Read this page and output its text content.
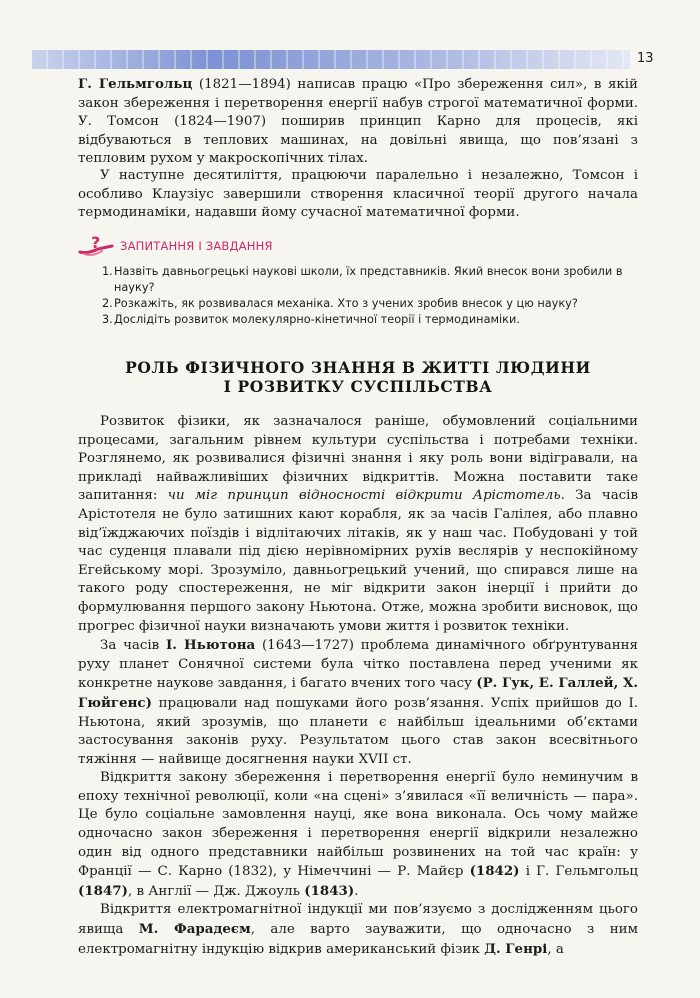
13

Г. Гельмгольц (1821—1894) написав працю «Про збереження сил», в якій закон збереження і перетворення енергії набув строгої математичної форми. У. Томсон (1824—1907) поширив принцип Карно для процесів, які відбуваються в теплових машинах, на довільні явища, що пов’язані з тепловим рухом у макроскопічних тілах.

У наступне десятиліття, працюючи паралельно і незалежно, Томсон і особливо Клаузіус завершили створення класичної теорії другого начала термодинаміки, надавши йому сучасної математичної форми.

? ЗАПИТАННЯ І ЗАВДАННЯ
1. Назвіть давньогрецькі наукові школи, їх представників. Який внесок вони зробили в науку?
2. Розкажіть, як розвивалася механіка. Хто з учених зробив внесок у цю науку?
3. Дослідіть розвиток молекулярно-кінетичної теорії і термодинаміки.
РОЛЬ ФІЗИЧНОГО ЗНАННЯ В ЖИТТІ ЛЮДИНИ
І РОЗВИТКУ СУСПІЛЬСТВА

Розвиток фізики, як зазначалося раніше, обумовлений соціальними процесами, загальним рівнем культури суспільства і потребами техніки. Розглянемо, як розвивалися фізичні знання і яку роль вони відігравали, на прикладі найважливіших фізичних відкриттів. Можна поставити таке запитання: чи міг принцип відносності відкрити Арістотель. За часів Арістотеля не було затишних кают корабля, як за часів Галілея, або плавно від’їжджаючих поїздів і відлітаючих літаків, як у наш час. Побудовані у той час суденця плавали під дією нерівномірних рухів веслярів у неспокійному Егейському морі. Зрозуміло, давньогрецький учений, що спирався лише на такого роду спостереження, не міг відкрити закон інерції і прийти до формулювання першого закону Ньютона. Отже, можна зробити висновок, що прогрес фізичної науки визначають умови життя і розвиток техніки.

За часів І. Ньютона (1643—1727) проблема динамічного обґрунтування руху планет Сонячної системи була чітко поставлена перед ученими як конкретне наукове завдання, і багато вчених того часу (Р. Гук, Е. Галлей, Х. Гюйгенс) працювали над пошуками його розв’язання. Успіх прийшов до І. Ньютона, який зрозумів, що планети є найбільш ідеальними об’єктами застосування законів руху. Результатом цього став закон всесвітнього тяжіння — найвище досягнення науки XVII ст.

Відкриття закону збереження і перетворення енергії було неминучим в епоху технічної революції, коли «на сцені» з’явилася «її величність — пара». Це було соціальне замовлення науці, яке вона виконала. Ось чому майже одночасно закон збереження і перетворення енергії відкрили незалежно один від одного представники найбільш розвинених на той час країн: у Франції — С. Карно (1832), у Німеччині — Р. Майєр (1842) і Г. Гельмгольц (1847), в Англії — Дж. Джоуль (1843).

Відкриття електромагнітної індукції ми пов’язуємо з дослідженням цього явища М. Фарадеєм, але варто зауважити, що одночасно з ним електромагнітну індукцію відкрив американський фізик Д. Генрі, а
